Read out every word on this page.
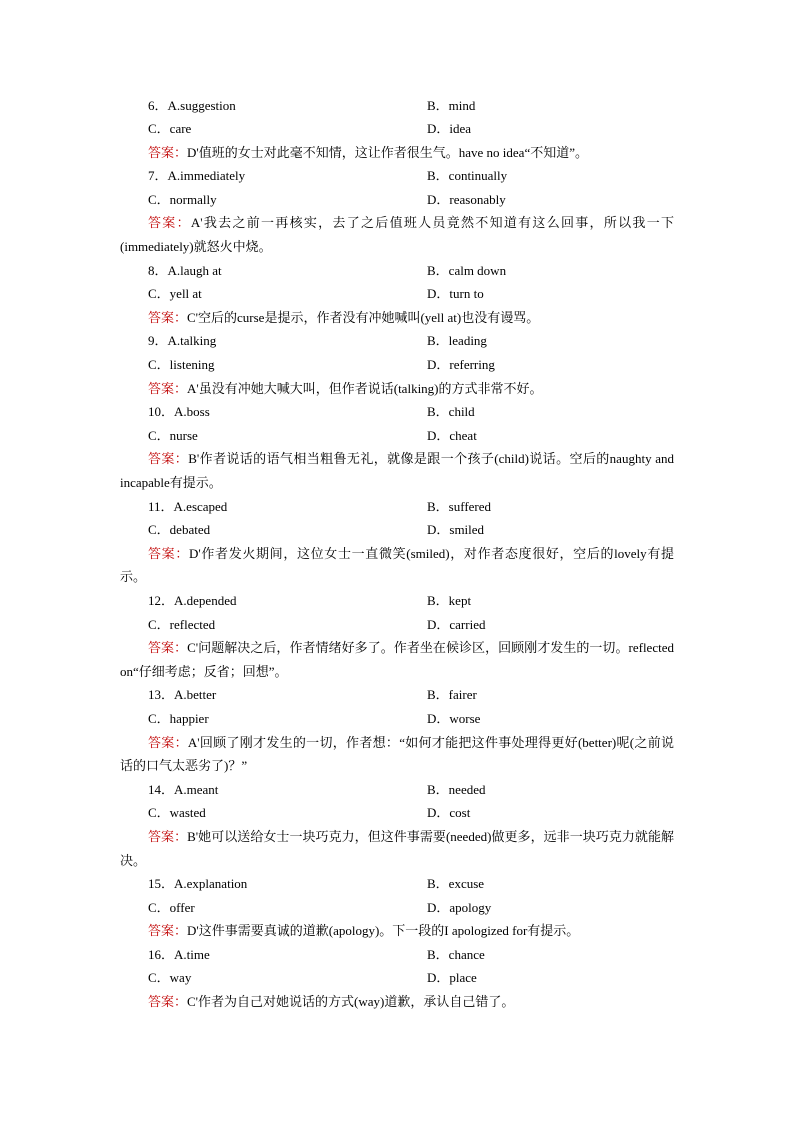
6．A.suggestion	B．mind
C．care	D．idea

答案：D'值班的女士对此毫不知情，这让作者很生气。have no idea“不知道”。

7．A.immediately	B．continually
C．normally	D．reasonably

答案：A'我去之前一再核实，去了之后值班人员竟然不知道有这么回事，所以我一下(immediately)就怒火中烧。

8．A.laugh at	B．calm down
C．yell at	D．turn to

答案：C'空后的curse是提示，作者没有冲她喊叫(yell at)也没有谩骂。

9．A.talking	B．leading
C．listening	D．referring

答案：A'虽没有冲她大喊大叫，但作者说话(talking)的方式非常不好。

10．A.boss	B．child
C．nurse	D．cheat

答案：B'作者说话的语气相当粗鲁无礼，就像是跟一个孩子(child)说话。空后的naughty and incapable有提示。

11．A.escaped	B．suffered
C．debated	D．smiled

答案：D'作者发火期间，这位女士一直微笑(smiled)，对作者态度很好，空后的lovely有提示。

12．A.depended	B．kept
C．reflected	D．carried

答案：C'问题解决之后，作者情绪好多了。作者坐在候诊区，回顾刚才发生的一切。reflected on“仔细考虑；反省；回想”。

13．A.better	B．fairer
C．happier	D．worse

答案：A'回顾了刚才发生的一切，作者想：“如何才能把这件事处理得更好(better)呢(之前说话的口气太恶劣了)？”

14．A.meant	B．needed
C．wasted	D．cost

答案：B'她可以送给女士一块巧克力，但这件事需要(needed)做更多，远非一块巧克力就能解决。

15．A.explanation	B．excuse
C．offer	D．apology

答案：D'这件事需要真诚的道歉(apology)。下一段的I apologized for有提示。

16．A.time	B．chance
C．way	D．place

答案：C'作者为自己对她说话的方式(way)道歉，承认自己错了。
